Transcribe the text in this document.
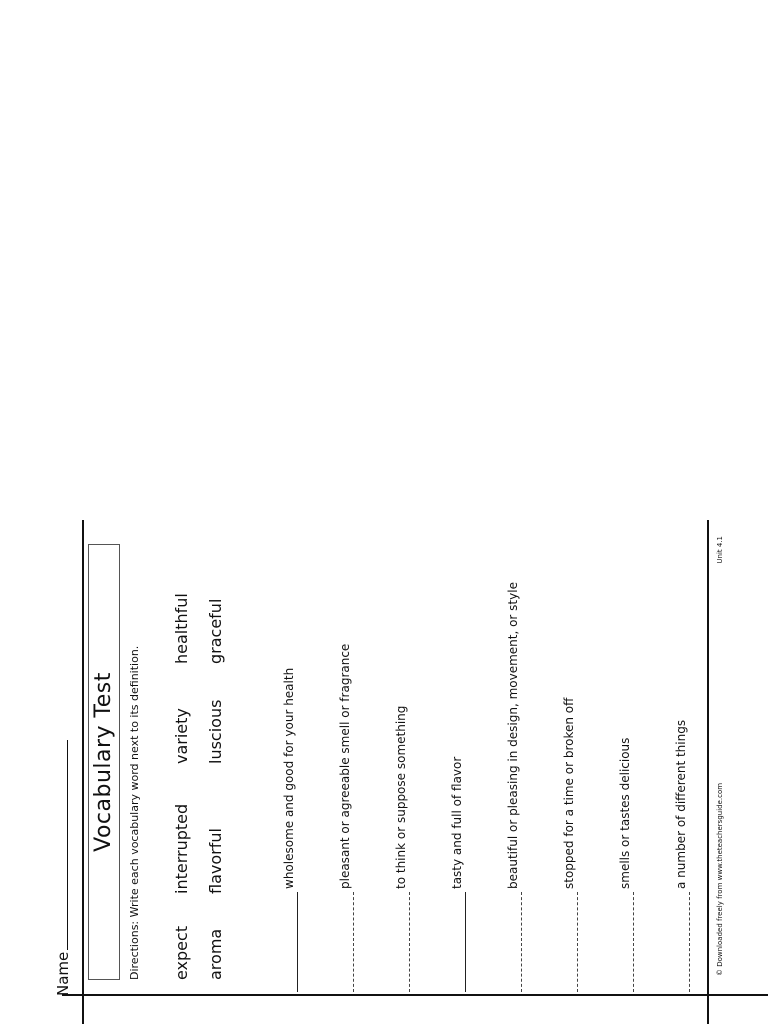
Name
Vocabulary Test	Directions: Write each vocabulary word next to its definition. expect
interrupted
variety
healthful
aroma
flavorful
luscious
graceful
wholesome and good for your health	pleasant or agreeable smell or fragrance	to think or suppose something	tasty and full of flavor	beautiful or pleasing in design, movement, or style	stopped for a time or broken off	smells or tastes delicious	a number of different things	© Downloaded freely from www.theteachersguide.com
Unit 4.1
